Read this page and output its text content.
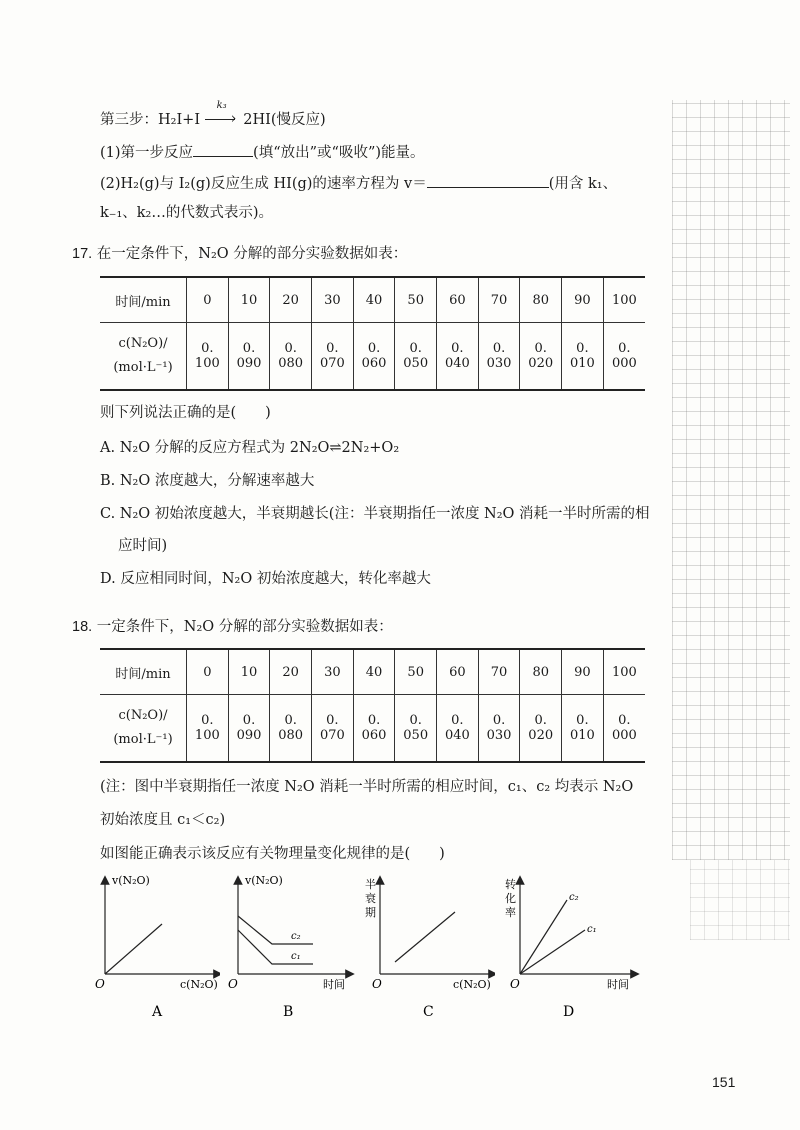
第三步：H₂I+I
k₃
› 2HI(慢反应)
(1)第一步反应	(填“放出”或“吸收”)能量。
(2)H₂(g)与 I₂(g)反应生成 HI(g)的速率方程为 v＝	(用含 k₁、
k₋₁、k₂…的代数式表示)。
17. 在一定条件下，N₂O 分解的部分实验数据如表：
时间/min	0	10	20	30	40	50	60	70	80	90	100

c(N₂O)/
(mol·L⁻¹)	0. 100	0. 090	0. 080	0. 070	0. 060	0. 050	0. 040	0. 030	0. 020	0. 010	0. 000
则下列说法正确的是(　　)
A. N₂O 分解的反应方程式为 2N₂O⇌2N₂+O₂
B. N₂O 浓度越大，分解速率越大
C. N₂O 初始浓度越大，半衰期越长(注：半衰期指任一浓度 N₂O 消耗一半时所需的相
应时间)
D. 反应相同时间，N₂O 初始浓度越大，转化率越大
18. 一定条件下，N₂O 分解的部分实验数据如表：
时间/min	0	10	20	30	40	50	60	70	80	90	100

c(N₂O)/
(mol·L⁻¹)	0. 100	0. 090	0. 080	0. 070	0. 060	0. 050	0. 040	0. 030	0. 020	0. 010	0. 000
(注：图中半衰期指任一浓度 N₂O 消耗一半时所需的相应时间，c₁、c₂ 均表示 N₂O
初始浓度且 c₁＜c₂)
如图能正确表示该反应有关物理量变化规律的是(　　)
v(N₂O)
c(N₂O)
O
A
v(N₂O)
c₂
c₁
时间
O
B
半
衰
期
c(N₂O)
O
C
c₂
c₁
转
化
率
时间
O
D
151
